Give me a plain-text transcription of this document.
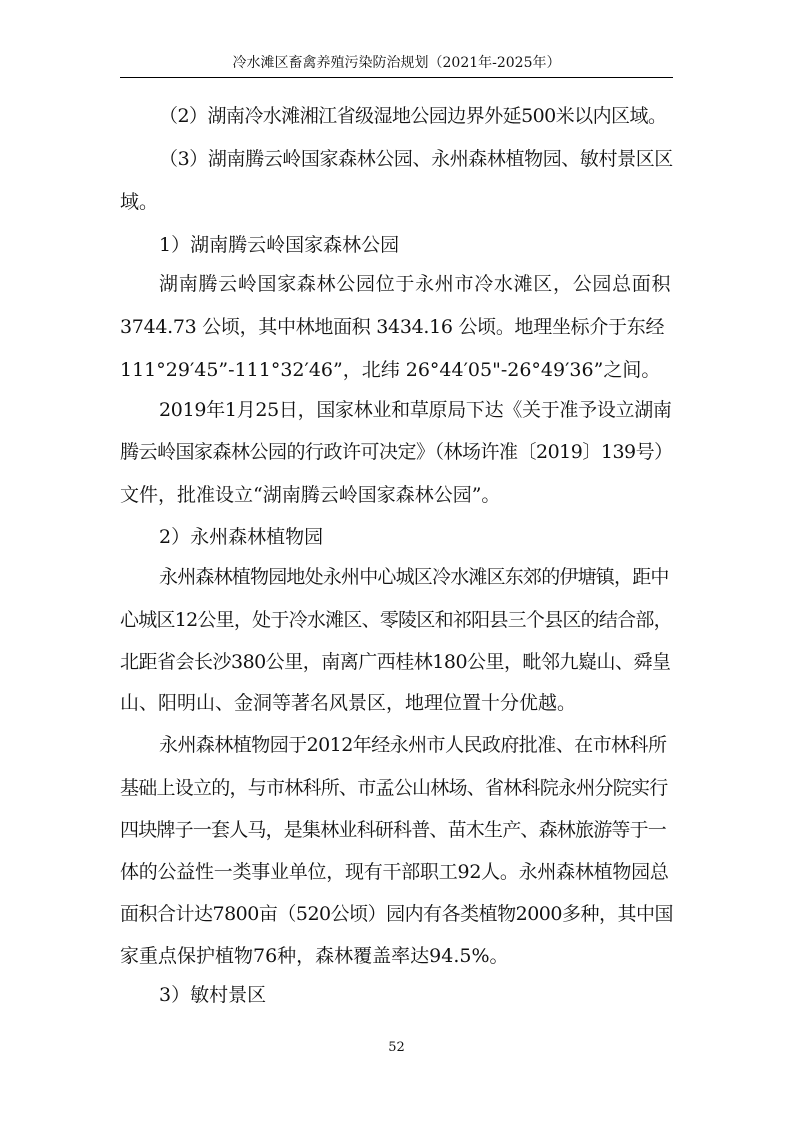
冷水滩区畜禽养殖污染防治规划（2021年-2025年）
（2）湖南冷水滩湘江省级湿地公园边界外延500米以内区域。
（3）湖南腾云岭国家森林公园、永州森林植物园、敏村景区区
域。
1）湖南腾云岭国家森林公园
湖南腾云岭国家森林公园位于永州市冷水滩区，公园总面积
3744.73 公顷，其中林地面积 3434.16 公顷。地理坐标介于东经
111°29′45”-111°32′46”，北纬 26°44′05"-26°49′36”之间。
2019年1月25日，国家林业和草原局下达《关于准予设立湖南
腾云岭国家森林公园的行政许可决定》（林场许准〔2019〕139号）
文件，批准设立“湖南腾云岭国家森林公园”。
2）永州森林植物园
永州森林植物园地处永州中心城区冷水滩区东郊的伊塘镇，距中
心城区12公里，处于冷水滩区、零陵区和祁阳县三个县区的结合部，
北距省会长沙380公里，南离广西桂林180公里，毗邻九嶷山、舜皇
山、阳明山、金洞等著名风景区，地理位置十分优越。
永州森林植物园于2012年经永州市人民政府批准、在市林科所
基础上设立的，与市林科所、市孟公山林场、省林科院永州分院实行
四块牌子一套人马，是集林业科研科普、苗木生产、森林旅游等于一
体的公益性一类事业单位，现有干部职工92人。永州森林植物园总
面积合计达7800亩（520公顷）园内有各类植物2000多种，其中国
家重点保护植物76种，森林覆盖率达94.5%。
3）敏村景区
52
